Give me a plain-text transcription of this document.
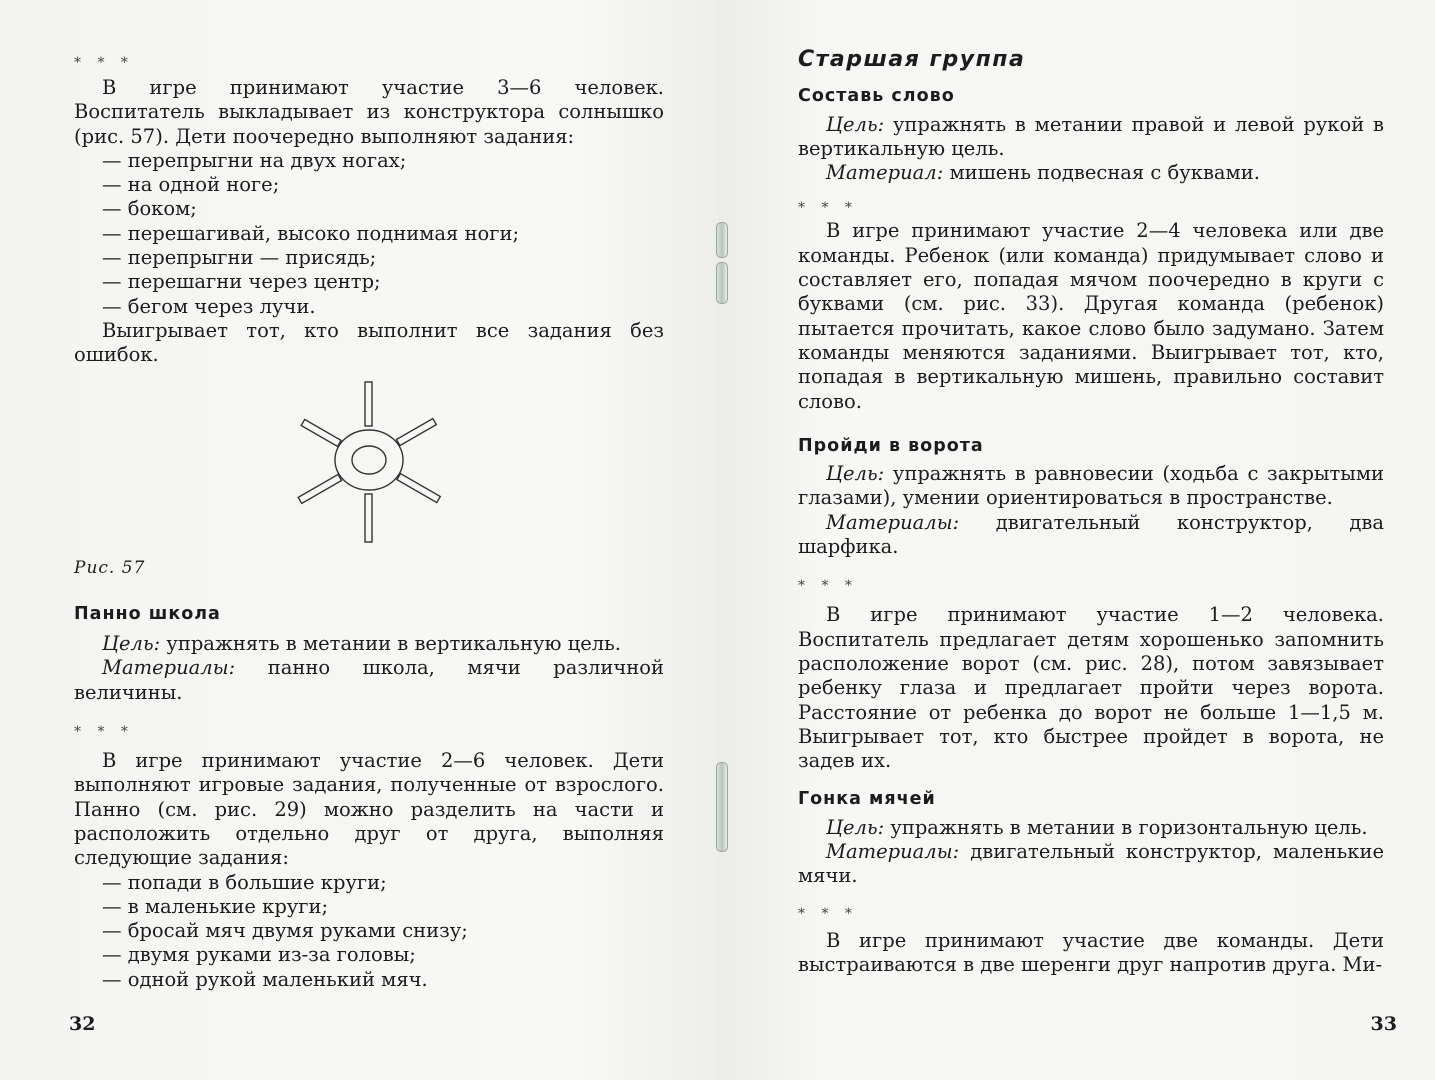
* * *

В игре принимают участие 3—6 человек. Воспитатель выкладывает из конструктора солнышко (рис. 57). Дети поочередно выполняют задания:

— перепрыгни на двух ногах;

— на одной ноге;

— боком;

— перешагивай, высоко поднимая ноги;

— перепрыгни — присядь;

— перешагни через центр;

— бегом через лучи.

Выигрывает тот, кто выполнит все задания без ошибок.

Рис. 57

Панно школа

Цель: упражнять в метании в вертикальную цель.

Материалы: панно школа, мячи различной величины.

* * *

В игре принимают участие 2—6 человек. Дети выполняют игровые задания, полученные от взрослого. Панно (см. рис. 29) можно разделить на части и расположить отдельно друг от друга, выполняя следующие задания:

— попади в большие круги;

— в маленькие круги;

— бросай мяч двумя руками снизу;

— двумя руками из-за головы;

— одной рукой маленький мяч.

32

Старшая группа

Составь слово

Цель: упражнять в метании правой и левой рукой в вертикальную цель.

Материал: мишень подвесная с буквами.

* * *

В игре принимают участие 2—4 человека или две команды. Ребенок (или команда) придумывает слово и составляет его, попадая мячом поочередно в круги с буквами (см. рис. 33). Другая команда (ребенок) пытается прочитать, какое слово было задумано. Затем команды меняются заданиями. Выигрывает тот, кто, попадая в вертикальную мишень, правильно составит слово.

Пройди в ворота

Цель: упражнять в равновесии (ходьба с закрытыми глазами), умении ориентироваться в пространстве.

Материалы: двигательный конструктор, два шарфика.

* * *

В игре принимают участие 1—2 человека. Воспитатель предлагает детям хорошенько запомнить расположение ворот (см. рис. 28), потом завязывает ребенку глаза и предлагает пройти через ворота. Расстояние от ребенка до ворот не больше 1—1,5 м. Выигрывает тот, кто быстрее пройдет в ворота, не задев их.

Гонка мячей

Цель: упражнять в метании в горизонтальную цель.

Материалы: двигательный конструктор, маленькие мячи.

* * *

В игре принимают участие две команды. Дети выстраиваются в две шеренги друг напротив друга. Ми-

33
